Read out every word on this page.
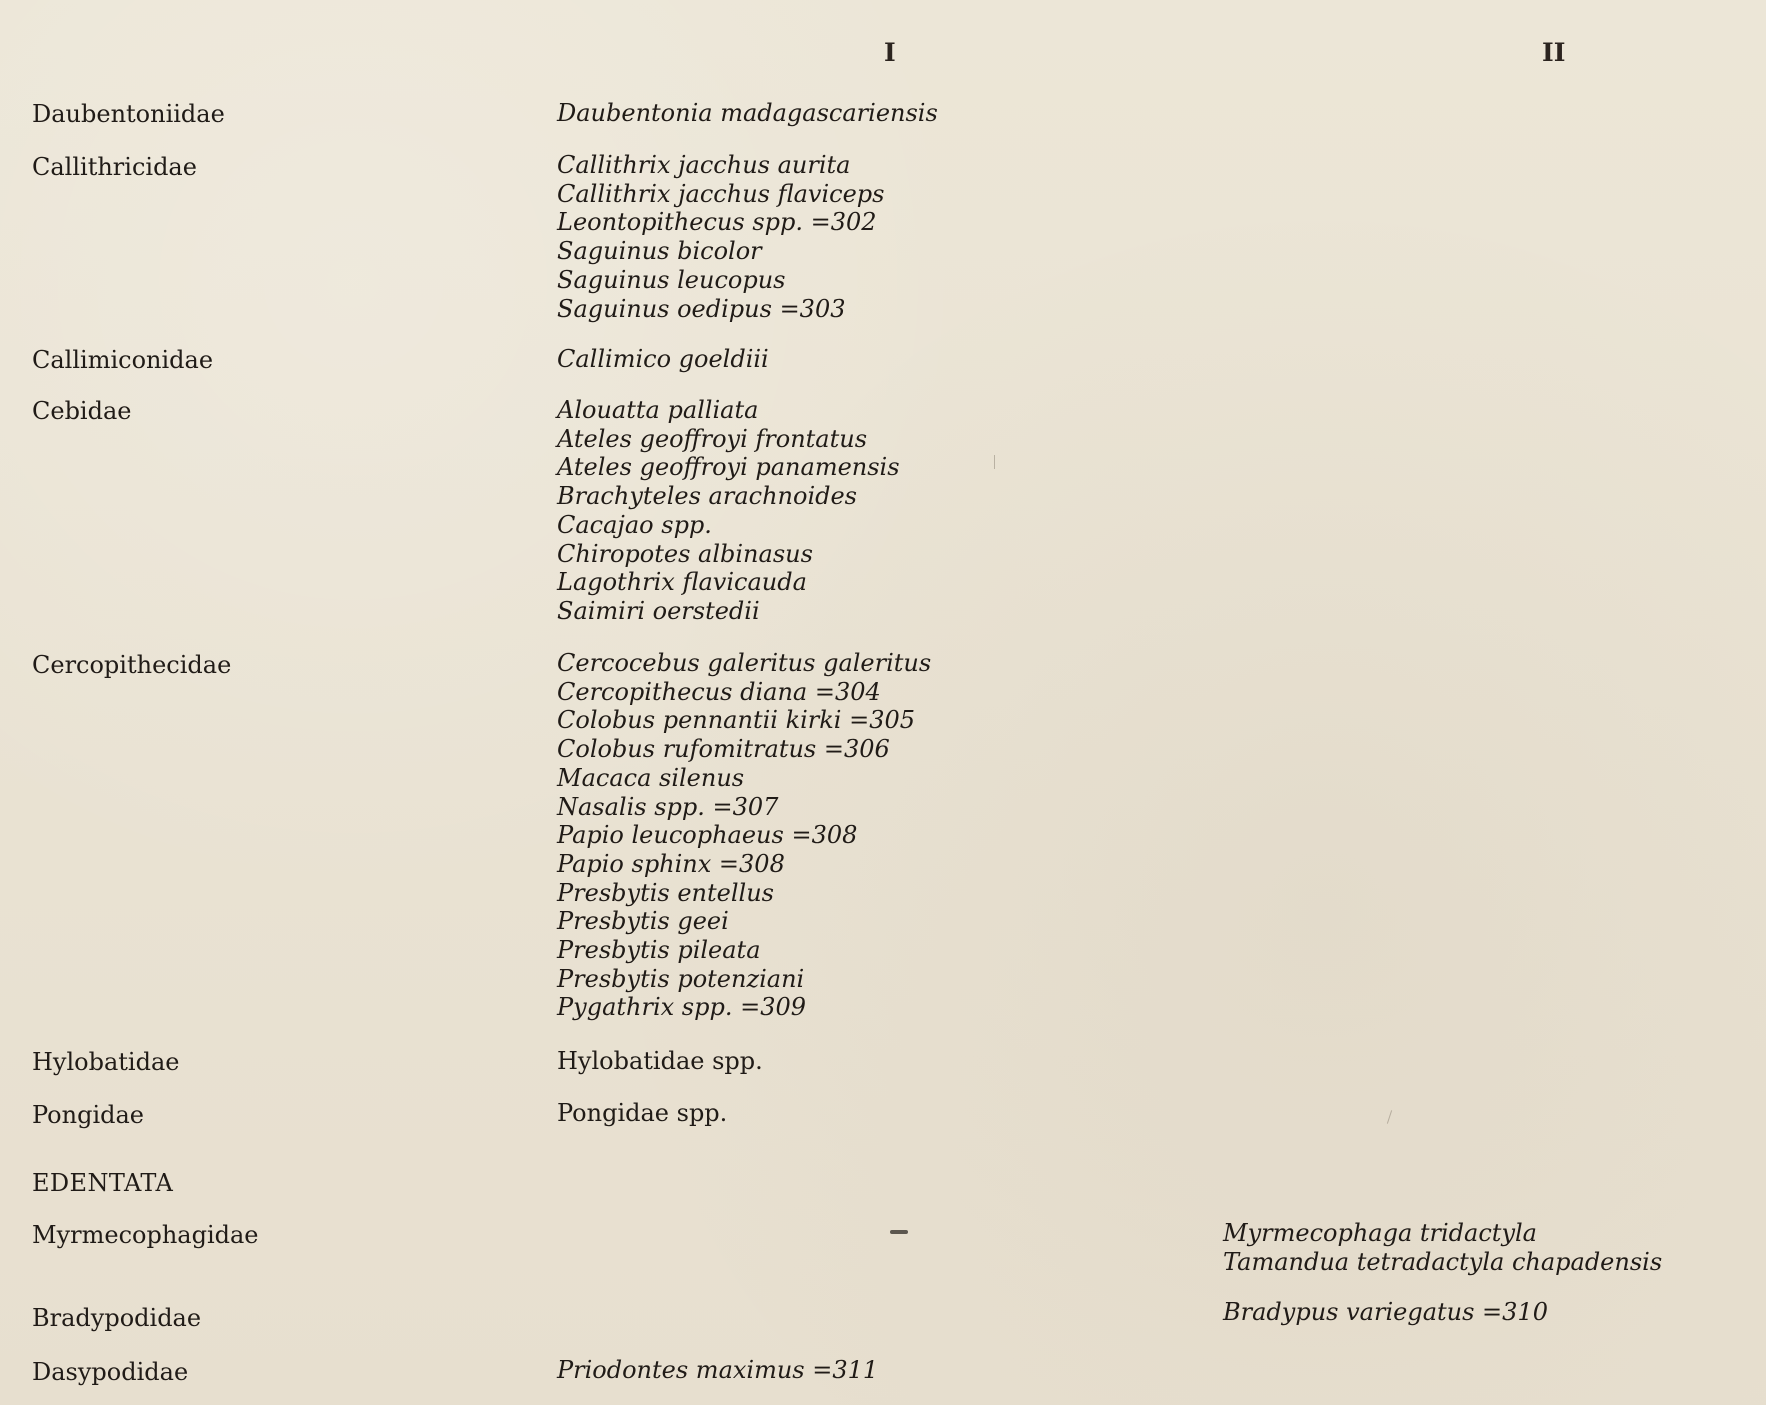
I	II
Daubentoniidae
Callithricidae
Callimiconidae
Cebidae
Cercopithecidae
Hylobatidae
Pongidae
EDENTATA
Myrmecophagidae
Bradypodidae
Dasypodidae
Daubentonia madagascariensis
Callithrix jacchus aurita
Callithrix jacchus flaviceps
Leontopithecus spp. =302
Saguinus bicolor
Saguinus leucopus
Saguinus oedipus =303
Callimico goeldiii
Alouatta palliata
Ateles geoffroyi frontatus
Ateles geoffroyi panamensis
Brachyteles arachnoides
Cacajao spp.
Chiropotes albinasus
Lagothrix flavicauda
Saimiri oerstedii
Cercocebus galeritus galeritus
Cercopithecus diana =304
Colobus pennantii kirki =305
Colobus rufomitratus =306
Macaca silenus
Nasalis spp. =307
Papio leucophaeus =308
Papio sphinx =308
Presbytis entellus
Presbytis geei
Presbytis pileata
Presbytis potenziani
Pygathrix spp. =309
Hylobatidae spp.
Pongidae spp.
Priodontes maximus =311
Myrmecophaga tridactyla
Tamandua tetradactyla chapadensis
Bradypus variegatus =310
